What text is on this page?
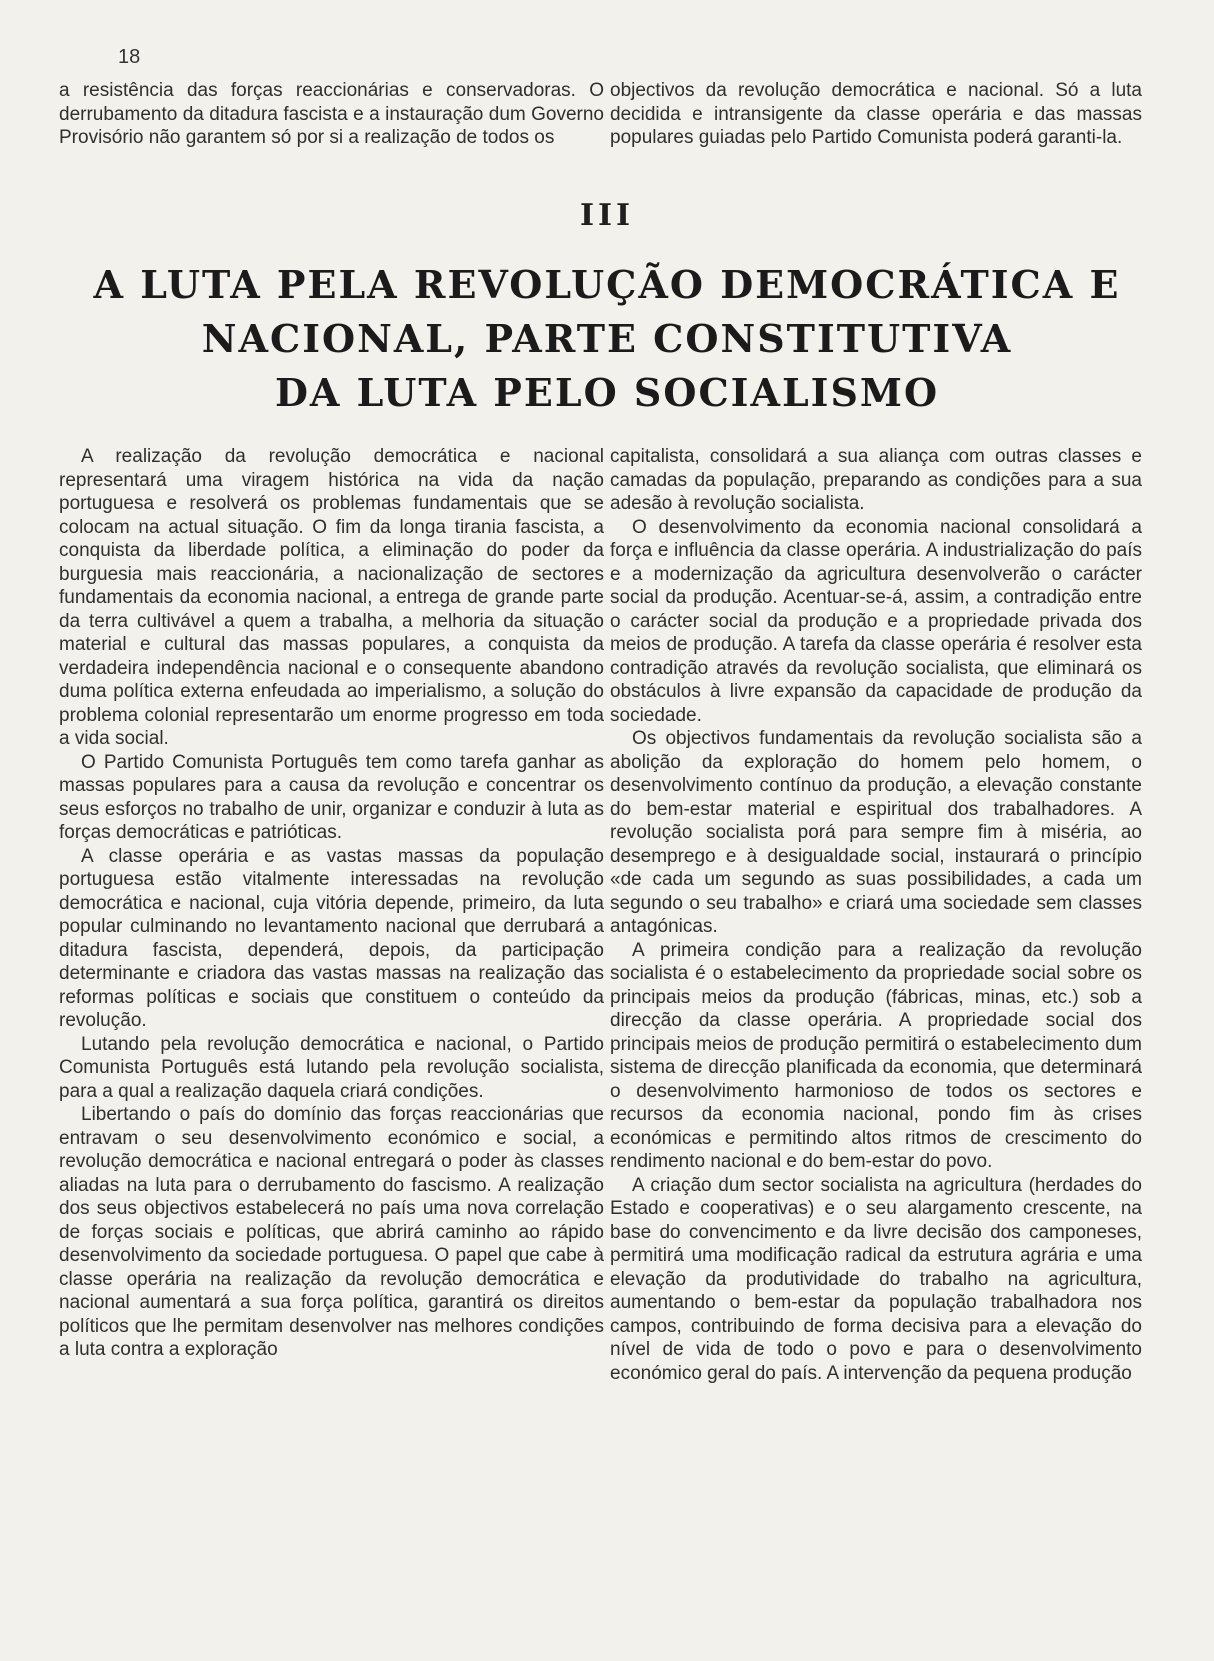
18

a resistência das forças reaccionárias e conservadoras. O derrubamento da ditadura fascista e a instauração dum Governo Provisório não garantem só por si a realização de todos os

objectivos da revolução democrática e nacional. Só a luta decidida e intransigente da classe operária e das massas populares guiadas pelo Partido Comunista poderá garanti-la.

III
A LUTA PELA REVOLUÇÃO DEMOCRÁTICA E
NACIONAL, PARTE CONSTITUTIVA
DA LUTA PELO SOCIALISMO

A realização da revolução democrática e nacional representará uma viragem histórica na vida da nação portuguesa e resolverá os problemas fundamentais que se colocam na actual situação. O fim da longa tirania fascista, a conquista da liberdade política, a eliminação do poder da burguesia mais reaccionária, a nacionalização de sectores fundamentais da economia nacional, a entrega de grande parte da terra cultivável a quem a trabalha, a melhoria da situação material e cultural das massas populares, a conquista da verdadeira independência nacional e o consequente abandono duma política externa enfeudada ao imperialismo, a solução do problema colonial representarão um enorme progresso em toda a vida social.

O Partido Comunista Português tem como tarefa ganhar as massas populares para a causa da revolução e concentrar os seus esforços no trabalho de unir, organizar e conduzir à luta as forças democráticas e patrióticas.

A classe operária e as vastas massas da população portuguesa estão vitalmente interessadas na revolução democrática e nacional, cuja vitória depende, primeiro, da luta popular culminando no levantamento nacional que derrubará a ditadura fascista, dependerá, depois, da participação determinante e criadora das vastas massas na realização das reformas políticas e sociais que constituem o conteúdo da revolução.

Lutando pela revolução democrática e nacional, o Partido Comunista Português está lutando pela revolução socialista, para a qual a realização daquela criará condições.

Libertando o país do domínio das forças reaccionárias que entravam o seu desenvolvimento económico e social, a revolução democrática e nacional entregará o poder às classes aliadas na luta para o derrubamento do fascismo. A realização dos seus objectivos estabelecerá no país uma nova correlação de forças sociais e políticas, que abrirá caminho ao rápido desenvolvimento da sociedade portuguesa. O papel que cabe à classe operária na realização da revolução democrática e nacional aumentará a sua força política, garantirá os direitos políticos que lhe permitam desenvolver nas melhores condições a luta contra a exploração

capitalista, consolidará a sua aliança com outras classes e camadas da população, preparando as condições para a sua adesão à revolução socialista.

O desenvolvimento da economia nacional consolidará a força e influência da classe operária. A industrialização do país e a modernização da agricultura desenvolverão o carácter social da produção. Acentuar-se-á, assim, a contradição entre o carácter social da produção e a propriedade privada dos meios de produção. A tarefa da classe operária é resolver esta contradição através da revolução socialista, que eliminará os obstáculos à livre expansão da capacidade de produção da sociedade.

Os objectivos fundamentais da revolução socialista são a abolição da exploração do homem pelo homem, o desenvolvimento contínuo da produção, a elevação constante do bem-estar material e espiritual dos trabalhadores. A revolução socialista porá para sempre fim à miséria, ao desemprego e à desigualdade social, instaurará o princípio «de cada um segundo as suas possibilidades, a cada um segundo o seu trabalho» e criará uma sociedade sem classes antagónicas.

A primeira condição para a realização da revolução socialista é o estabelecimento da propriedade social sobre os principais meios da produção (fábricas, minas, etc.) sob a direcção da classe operária. A propriedade social dos principais meios de produção permitirá o estabelecimento dum sistema de direcção planificada da economia, que determinará o desenvolvimento harmonioso de todos os sectores e recursos da economia nacional, pondo fim às crises económicas e permitindo altos ritmos de crescimento do rendimento nacional e do bem-estar do povo.

A criação dum sector socialista na agricultura (herdades do Estado e cooperativas) e o seu alargamento crescente, na base do convencimento e da livre decisão dos camponeses, permitirá uma modificação radical da estrutura agrária e uma elevação da produtividade do trabalho na agricultura, aumentando o bem-estar da população trabalhadora nos campos, contribuindo de forma decisiva para a elevação do nível de vida de todo o povo e para o desenvolvimento económico geral do país. A intervenção da pequena produção
